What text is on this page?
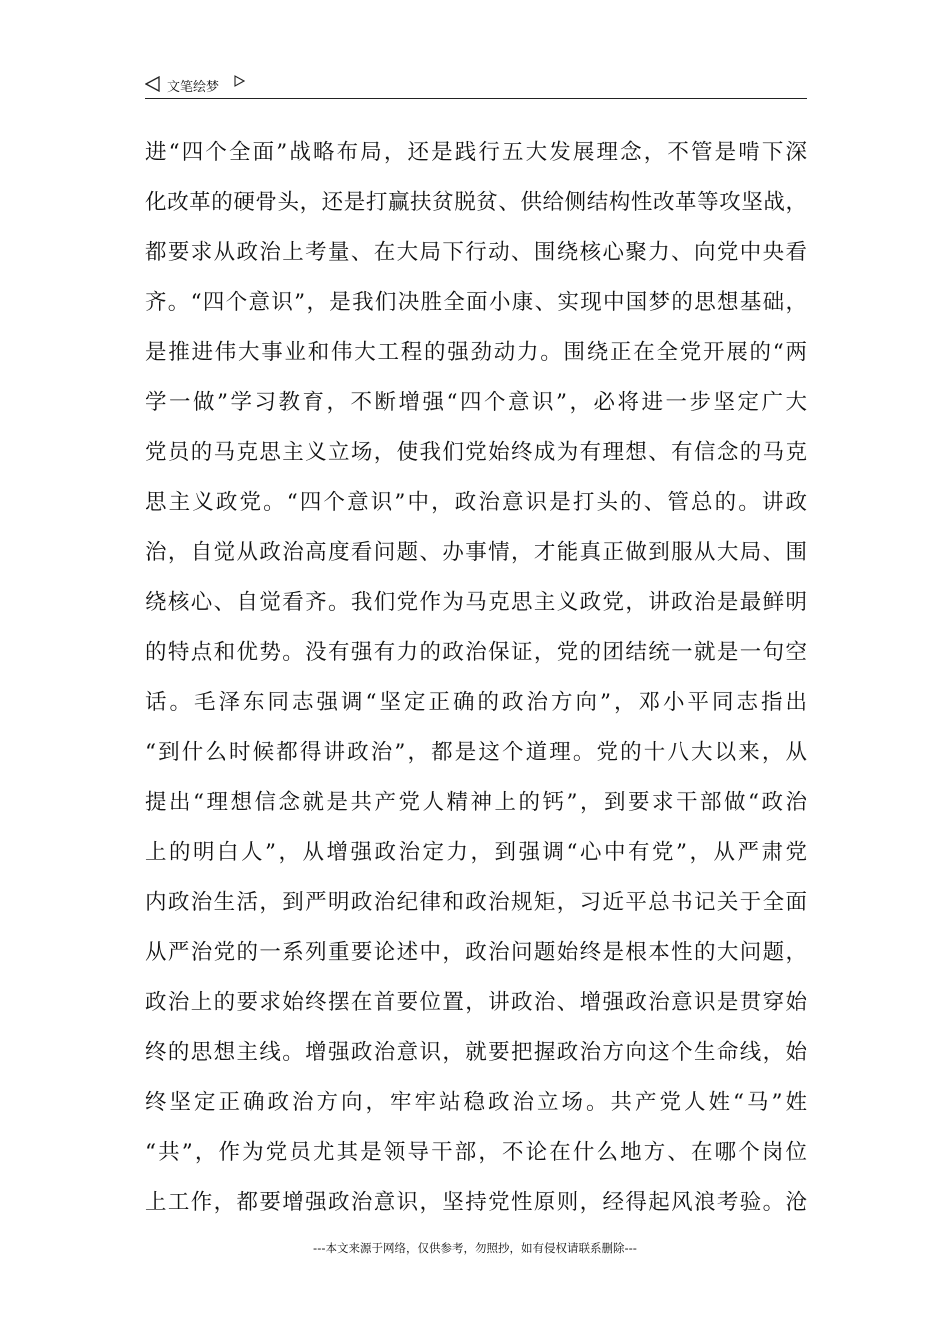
文笔绘梦
进“四个全面”战略布局，还是践行五大发展理念，不管是啃下深
化改革的硬骨头，还是打赢扶贫脱贫、供给侧结构性改革等攻坚战，
都要求从政治上考量、在大局下行动、围绕核心聚力、向党中央看
齐。“四个意识”，是我们决胜全面小康、实现中国梦的思想基础，
是推进伟大事业和伟大工程的强劲动力。围绕正在全党开展的“两
学一做”学习教育，不断增强“四个意识”，必将进一步坚定广大
党员的马克思主义立场，使我们党始终成为有理想、有信念的马克
思主义政党。“四个意识”中，政治意识是打头的、管总的。讲政
治，自觉从政治高度看问题、办事情，才能真正做到服从大局、围
绕核心、自觉看齐。我们党作为马克思主义政党，讲政治是最鲜明
的特点和优势。没有强有力的政治保证，党的团结统一就是一句空
话。毛泽东同志强调“坚定正确的政治方向”，邓小平同志指出
“到什么时候都得讲政治”，都是这个道理。党的十八大以来，从
提出“理想信念就是共产党人精神上的钙”，到要求干部做“政治
上的明白人”，从增强政治定力，到强调“心中有党”，从严肃党
内政治生活，到严明政治纪律和政治规矩，习近平总书记关于全面
从严治党的一系列重要论述中，政治问题始终是根本性的大问题，
政治上的要求始终摆在首要位置，讲政治、增强政治意识是贯穿始
终的思想主线。增强政治意识，就要把握政治方向这个生命线，始
终坚定正确政治方向，牢牢站稳政治立场。共产党人姓“马”姓
“共”，作为党员尤其是领导干部，不论在什么地方、在哪个岗位
上工作，都要增强政治意识，坚持党性原则，经得起风浪考验。沧
---本文来源于网络，仅供参考，勿照抄，如有侵权请联系删除---
